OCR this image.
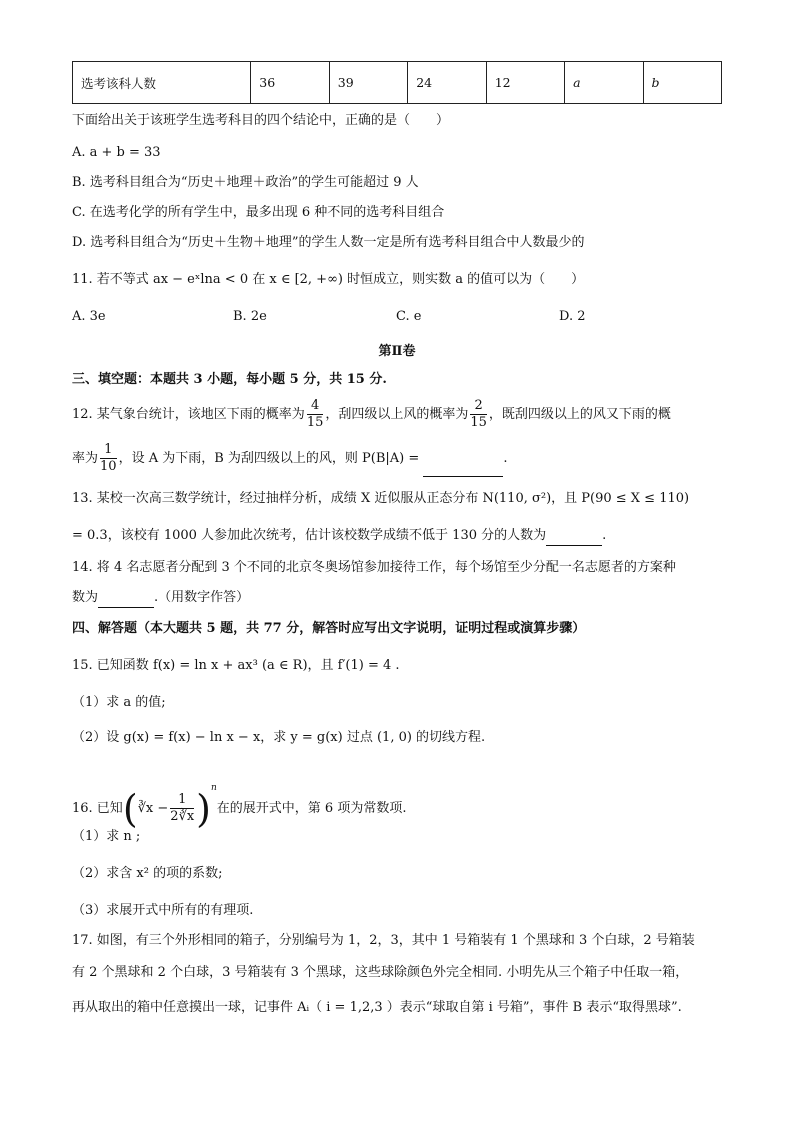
选考该科人数	36	39	24	12	a	b
下面给出关于该班学生选考科目的四个结论中，正确的是（　　）
A. a + b = 33
B. 选考科目组合为“历史＋地理＋政治”的学生可能超过 9 人
C. 在选考化学的所有学生中，最多出现 6 种不同的选考科目组合
D. 选考科目组合为“历史＋生物＋地理”的学生人数一定是所有选考科目组合中人数最少的
11. 若不等式 ax − eˣlna < 0 在 x ∈ [2, +∞) 时恒成立，则实数 a 的值可以为（　　）
A. 3e	B. 2e	C. e	D. 2
第Ⅱ卷
三、填空题：本题共 3 小题，每小题 5 分，共 15 分.
12. 某气象台统计，该地区下雨的概率为 $\frac{4}{15}$ ，刮四级以上风的概率为 $\frac{2}{15}$ ，既刮四级以上的风又下雨的概
率为 $\frac{1}{10}$ ，设 A 为下雨，B 为刮四级以上的风，则 P(B|A) =	.
13. 某校一次高三数学统计，经过抽样分析，成绩 X 近似服从正态分布 N(110, σ²)，且 P(90 ≤ X ≤ 110)
= 0.3，该校有 1000 人参加此次统考，估计该校数学成绩不低于 130 分的人数为	.
14. 将 4 名志愿者分配到 3 个不同的北京冬奥场馆参加接待工作，每个场馆至少分配一名志愿者的方案种
数为	.（用数字作答）
四、解答题（本大题共 5 题，共 77 分，解答时应写出文字说明，证明过程或演算步骤）
15. 已知函数 f(x) = ln x + ax³ (a ∈ R)，且 f′(1) = 4 .
（1）求 a 的值;
（2）设 g(x) = f(x) − ln x − x，求 y = g(x) 过点 (1, 0) 的切线方程.
16. 已知(∛x − $\frac{1}{2∛x} )^n$在的展开式中，第 6 项为常数项.
（1）求 n ;
（2）求含 x² 的项的系数;
（3）求展开式中所有的有理项.
17. 如图，有三个外形相同的箱子，分别编号为 1，2，3，其中 1 号箱装有 1 个黑球和 3 个白球，2 号箱装
有 2 个黑球和 2 个白球，3 号箱装有 3 个黑球，这些球除颜色外完全相同. 小明先从三个箱子中任取一箱，
再从取出的箱中任意摸出一球，记事件 Aᵢ（ i = 1,2,3 ）表示“球取自第 i 号箱”，事件 B 表示“取得黑球”.
